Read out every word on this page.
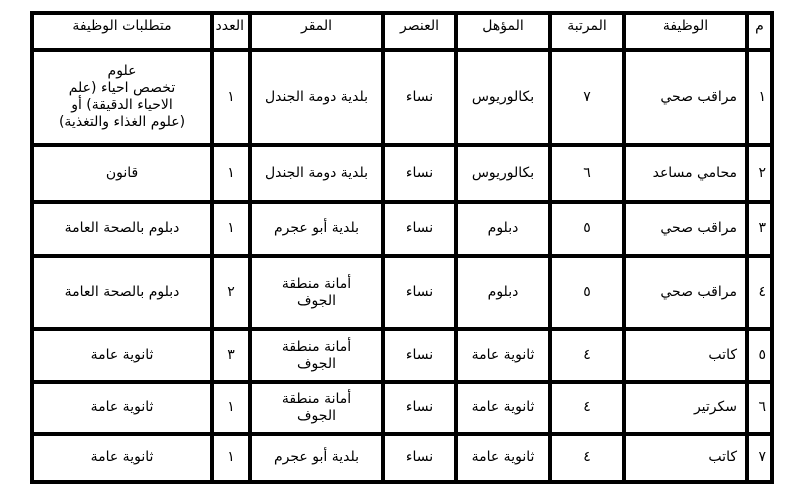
م	الوظيفة	المرتبة	المؤهل	العنصر	المقر	العدد	متطلبات الوظيفة
١	مراقب صحي	٧	بكالوريوس	نساء	بلدية دومة الجندل	١	علوم
تخصص احياء (علم
الاحياء الدقيقة) أو
(علوم الغذاء والتغذية)
٢	محامي مساعد	٦	بكالوريوس	نساء	بلدية دومة الجندل	١	قانون
٣	مراقب صحي	٥	دبلوم	نساء	بلدية أبو عجرم	١	دبلوم بالصحة العامة
٤	مراقب صحي	٥	دبلوم	نساء	أمانة منطقة
الجوف	٢	دبلوم بالصحة العامة
٥	كاتب	٤	ثانوية عامة	نساء	أمانة منطقة
الجوف	٣	ثانوية عامة
٦	سكرتير	٤	ثانوية عامة	نساء	أمانة منطقة
الجوف	١	ثانوية عامة
٧	كاتب	٤	ثانوية عامة	نساء	بلدية أبو عجرم	١	ثانوية عامة
